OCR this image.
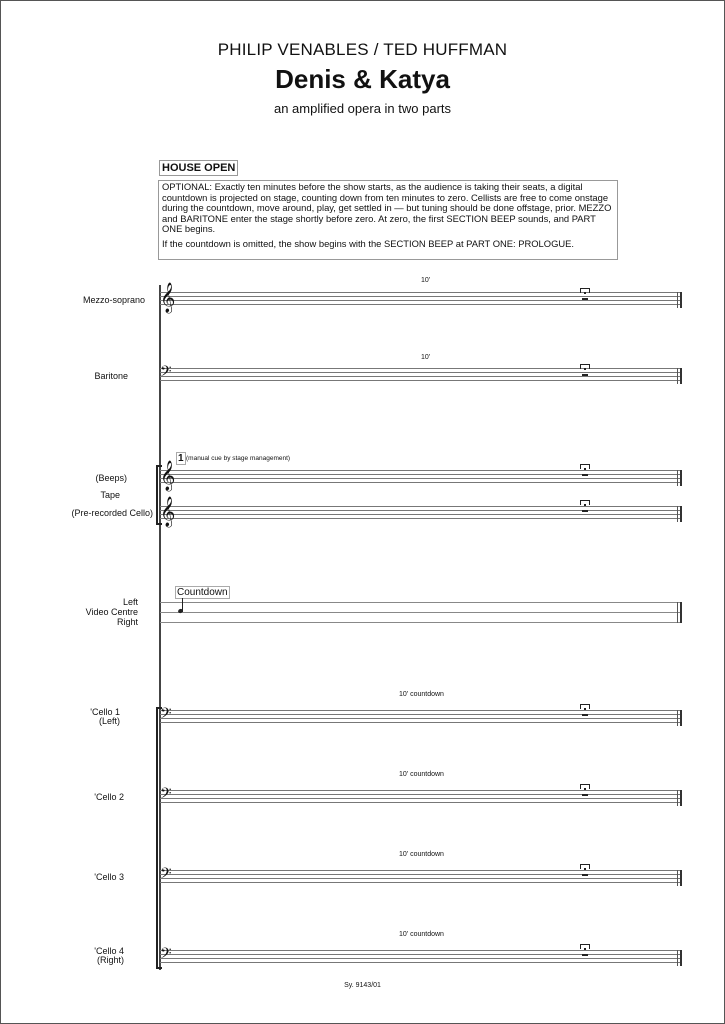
PHILIP VENABLES / TED HUFFMAN
Denis & Katya
an amplified opera in two parts
HOUSE OPEN

OPTIONAL: Exactly ten minutes before the show starts, as the audience is taking their seats, a digital countdown is projected on stage, counting down from ten minutes to zero. Cellists are free to come onstage during the countdown, move around, play, get settled in — but tuning should be done offstage, prior. MEZZO and BARITONE enter the stage shortly before zero. At zero, the first SECTION BEEP sounds, and PART ONE begins.

If the countdown is omitted, the show begins with the SECTION BEEP at PART ONE: PROLOGUE.

Mezzo-soprano
10'
𝄞
Baritone
10'
𝄢
1 (manual cue by stage management)
(Beeps)
Tape
(Pre-recorded Cello)
𝄞
𝄞
Countdown
Left
Video Centre
Right
'Cello 1
(Left)
10' countdown
𝄢
'Cello 2
10' countdown
𝄢
'Cello 3
10' countdown
𝄢
'Cello 4
(Right)
10' countdown
𝄢
Sy. 9143/01
